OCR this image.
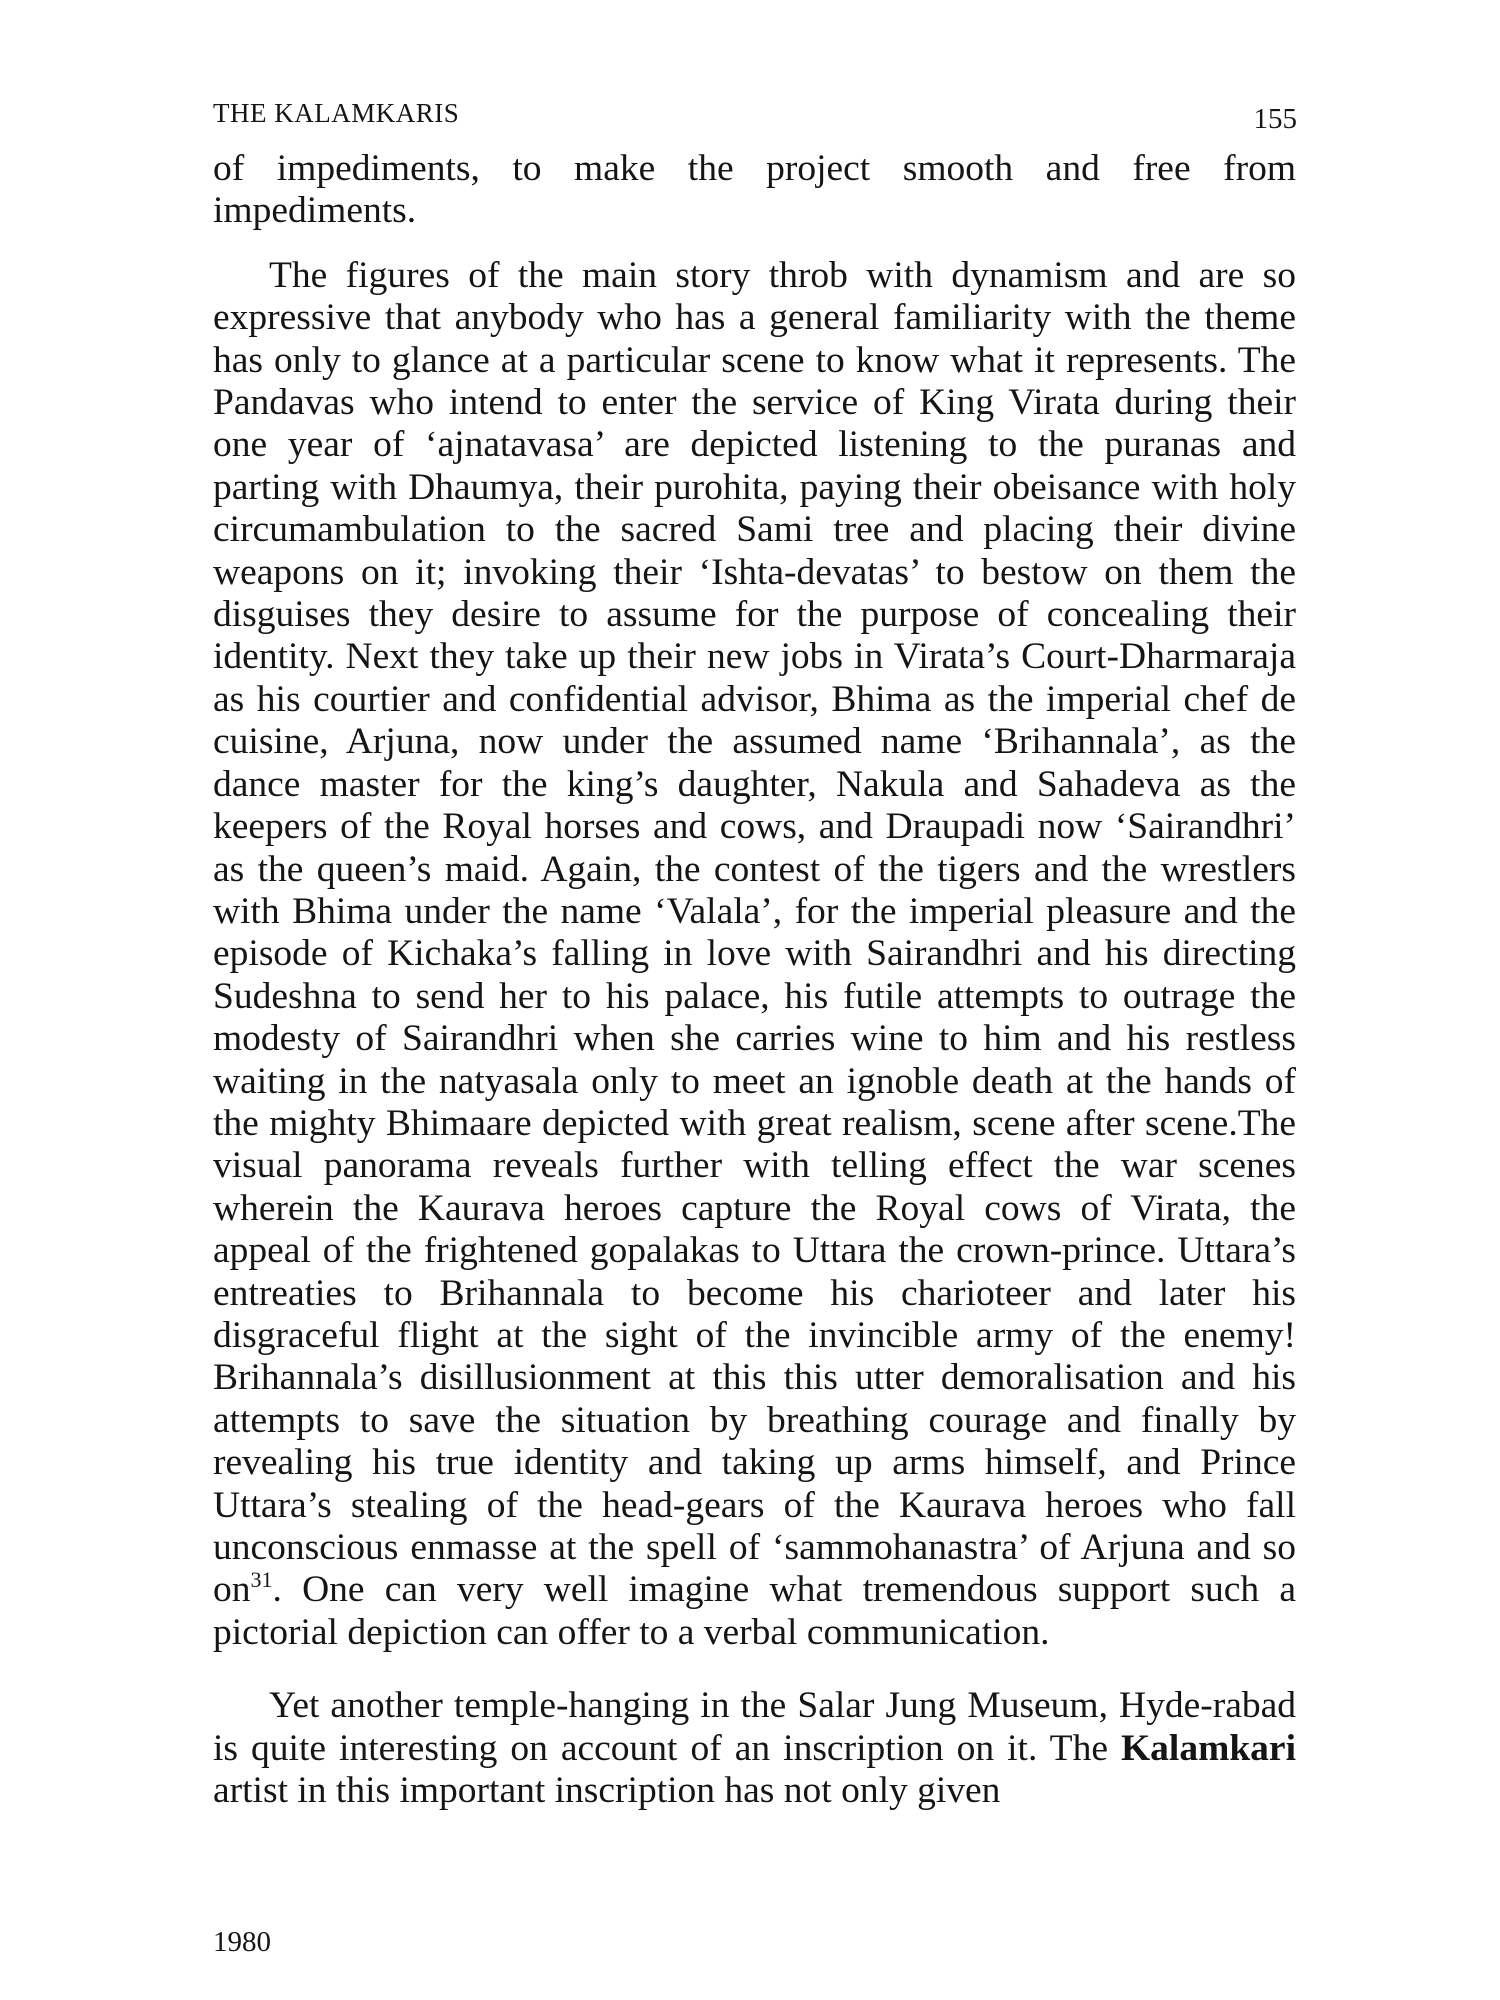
THE KALAMKARIS	155

of impediments, to make the project smooth and free from impediments.

The figures of the main story throb with dynamism and are so expressive that anybody who has a general familiarity with the theme has only to glance at a particular scene to know what it represents. The Pandavas who intend to enter the service of King Virata during their one year of ‘ajnatavasa’ are depicted listening to the puranas and parting with Dhaumya, their purohita, paying their obeisance with holy circumambulation to the sacred Sami tree and placing their divine weapons on it; invoking their ‘Ishta-devatas’ to bestow on them the disguises they desire to assume for the purpose of concealing their identity. Next they take up their new jobs in Virata’s Court-Dharmaraja as his courtier and confidential advisor, Bhima as the imperial chef de cuisine, Arjuna, now under the assumed name ‘Brihannala’, as the dance master for the king’s daughter, Nakula and Sahadeva as the keepers of the Royal horses and cows, and Draupadi now ‘Sairandhri’ as the queen’s maid. Again, the contest of the tigers and the wrestlers with Bhima under the name ‘Valala’, for the imperial pleasure and the episode of Kichaka’s falling in love with Sairandhri and his directing Sudeshna to send her to his palace, his futile attempts to outrage the modesty of Sairandhri when she carries wine to him and his restless waiting in the natyasala only to meet an ignoble death at the hands of the mighty Bhimaare depicted with great realism, scene after scene.The visual panorama reveals further with telling effect the war scenes wherein the Kaurava heroes capture the Royal cows of Virata, the appeal of the frightened gopalakas to Uttara the crown-prince. Uttara’s entreaties to Brihannala to become his charioteer and later his disgraceful flight at the sight of the invincible army of the enemy! Brihannala’s disillusionment at this this utter demoralisation and his attempts to save the situation by breathing courage and finally by revealing his true identity and taking up arms himself, and Prince Uttara’s stealing of the head-gears of the Kaurava heroes who fall unconscious enmasse at the spell of ‘sammohanastra’ of Arjuna and so $on^{31}$. One can very well imagine what tremendous support such a pictorial depiction can offer to a verbal communication.

Yet another temple-hanging in the Salar Jung Museum, Hyde-rabad is quite interesting on account of an inscription on it. The Kalamkari artist in this important inscription has not only given

1980
